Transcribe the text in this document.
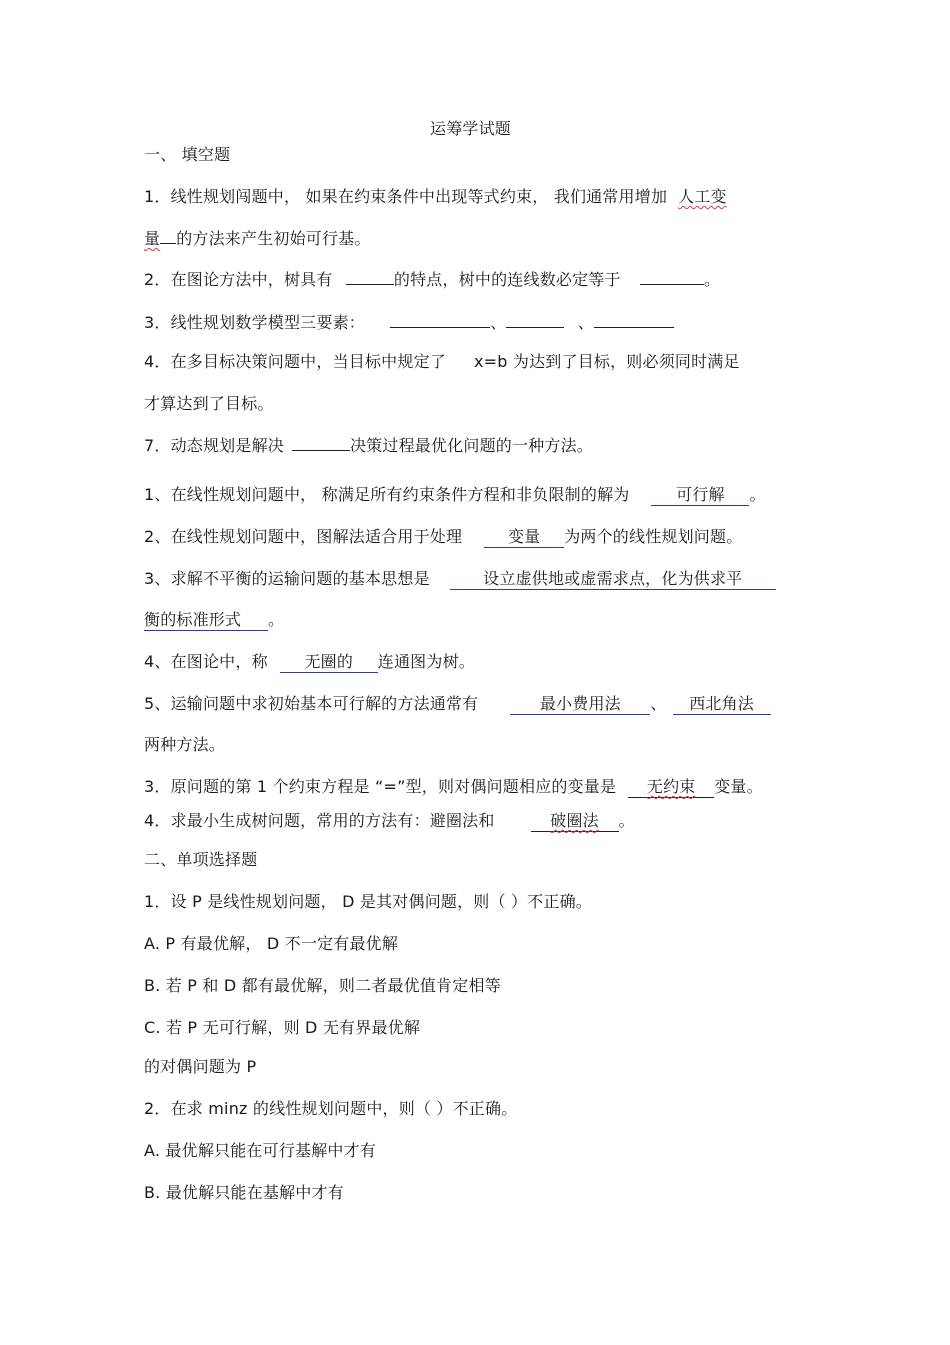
运筹学试题
一、 填空题
1．线性规划闯题中， 如果在约束条件中出现等式约束， 我们通常用增加 人工变
量 的方法来产生初始可行基。
2．在图论方法中，树具有	的特点，树中的连线数必定等于	。
3．线性规划数学模型三要素：	、	、
4．在多目标决策问题中，当目标中规定了 x=b 为达到了目标，则必须同时满足
才算达到了目标。
7．动态规划是解决	决策过程最优化问题的一种方法。
1、在线性规划问题中， 称满足所有约束条件方程和非负限制的解为	可行解 。
2、在线性规划问题中，图解法适合用于处理	变量 为两个的线性规划问题。
3、求解不平衡的运输问题的基本思想是	设立虚供地或虚需求点，化为供求平
衡的标准形式 。
4、在图论中，称 无圈的 连通图为树。
5、运输问题中求初始基本可行解的方法通常有	最小费用法 、 西北角法
两种方法。
3．原问题的第 1 个约束方程是 “=”型，则对偶问题相应的变量是 无约束 变量。
4．求最小生成树问题，常用的方法有：避圈法和	破圈法 。
二、单项选择题
1．设 P 是线性规划问题， D 是其对偶问题，则（ ）不正确。
A. P 有最优解， D 不一定有最优解
B. 若 P 和 D 都有最优解，则二者最优值肯定相等
C. 若 P 无可行解，则 D 无有界最优解
的对偶问题为 P
2．在求 minz 的线性规划问题中，则（ ）不正确。
A. 最优解只能在可行基解中才有
B. 最优解只能在基解中才有
